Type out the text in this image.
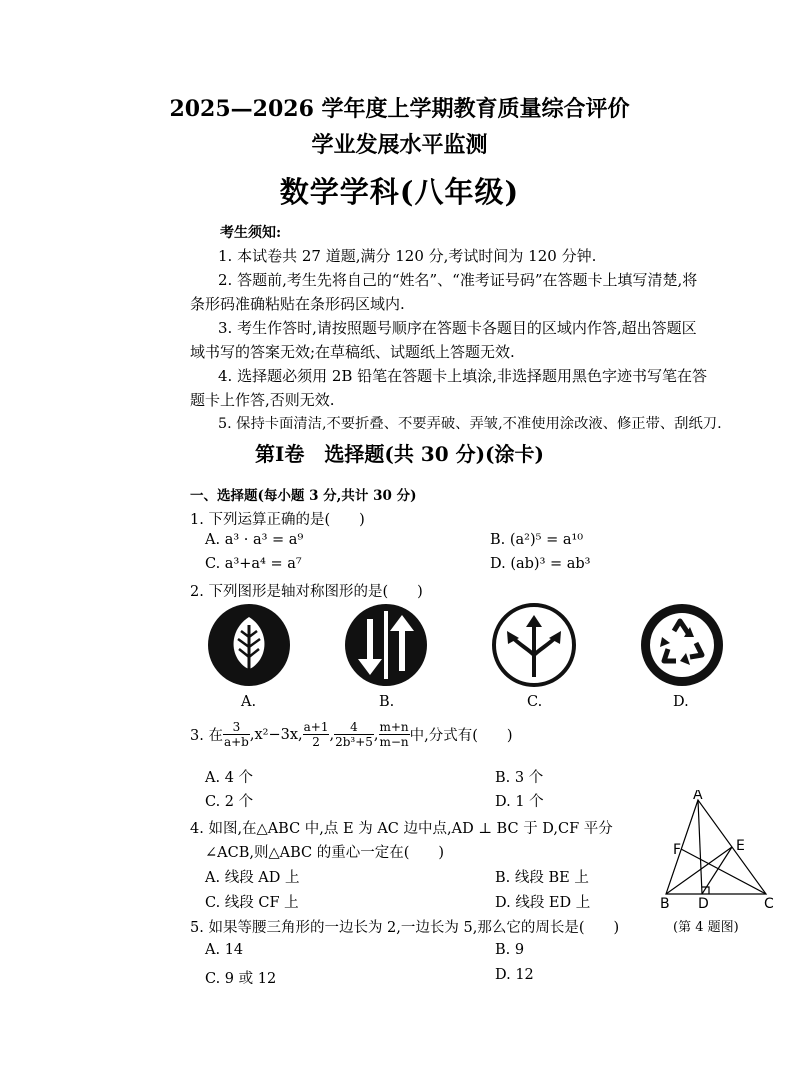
2025—2026 学年度上学期教育质量综合评价
学业发展水平监测
数学学科(八年级)
考生须知:
1. 本试卷共 27 道题,满分 120 分,考试时间为 120 分钟.
2. 答题前,考生先将自己的“姓名”、“准考证号码”在答题卡上填写清楚,将
条形码准确粘贴在条形码区域内.
3. 考生作答时,请按照题号顺序在答题卡各题目的区域内作答,超出答题区
域书写的答案无效;在草稿纸、试题纸上答题无效.
4. 选择题必须用 2B 铅笔在答题卡上填涂,非选择题用黑色字迹书写笔在答
题卡上作答,否则无效.
5. 保持卡面清洁,不要折叠、不要弄破、弄皱,不准使用涂改液、修正带、刮纸刀.
第Ⅰ卷　选择题(共 30 分)(涂卡)
一、选择题(每小题 3 分,共计 30 分)
1. 下列运算正确的是(　　)
A. a³ · a³ = a⁹	B. (a²)⁵ = a¹⁰
C. a³+a⁴ = a⁷	D. (ab)³ = ab³
2. 下列图形是轴对称图形的是(　　)
A.	B.	C.	D.
3. 在 $\frac{3}{a+b} ,x^2-3x$, $\frac{a+1}{2}$ , $\frac{4}{\text{2b³+5}}$ , $\frac{m+n}{m-n}$ 中,分式有(　　)
A. 4 个	B. 3 个
C. 2 个	D. 1 个
4. 如图,在△ABC 中,点 E 为 AC 边中点,AD ⊥ BC 于 D,CF 平分
∠ACB,则△ABC 的重心一定在(　　)
A. 线段 AD 上	B. 线段 BE 上
C. 线段 CF 上	D. 线段 ED 上
A
F	E
B D	C
(第 4 题图)
5. 如果等腰三角形的一边长为 2,一边长为 5,那么它的周长是(　　)
A. 14	B. 9
C. 9 或 12	D. 12
